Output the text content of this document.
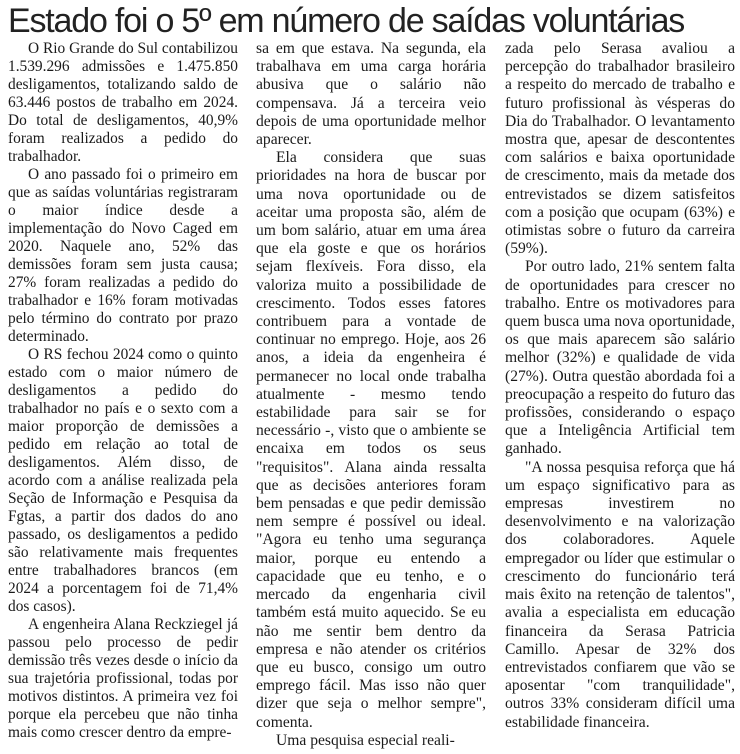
Estado foi o 5º em número de saídas voluntárias

O Rio Grande do Sul contabilizou 1.539.296 admissões e 1.475.850 desligamentos, totalizando saldo de 63.446 postos de trabalho em 2024. Do total de desligamentos, 40,9% foram realizados a pedido do trabalhador.

O ano passado foi o primeiro em que as saídas voluntárias registraram o maior índice desde a implementação do Novo Caged em 2020. Naquele ano, 52% das demissões foram sem justa causa; 27% foram realizadas a pedido do trabalhador e 16% foram motivadas pelo término do contrato por prazo determinado.

O RS fechou 2024 como o quinto estado com o maior número de desligamentos a pedido do trabalhador no país e o sexto com a maior proporção de demissões a pedido em relação ao total de desligamentos. Além disso, de acordo com a análise realizada pela Seção de Informação e Pesquisa da Fgtas, a partir dos dados do ano passado, os desligamentos a pedido são relativamente mais frequentes entre trabalhadores brancos (em 2024 a porcentagem foi de 71,4% dos casos).

A engenheira Alana Reckziegel já passou pelo processo de pedir demissão três vezes desde o início da sua trajetória profissional, todas por motivos distintos. A primeira vez foi porque ela percebeu que não tinha mais como crescer dentro da empre-

sa em que estava. Na segunda, ela trabalhava em uma carga horária abusiva que o salário não compensava. Já a terceira veio depois de uma oportunidade melhor aparecer.

Ela considera que suas prioridades na hora de buscar por uma nova oportunidade ou de aceitar uma proposta são, além de um bom salário, atuar em uma área que ela goste e que os horários sejam flexíveis. Fora disso, ela valoriza muito a possibilidade de crescimento. Todos esses fatores contribuem para a vontade de continuar no emprego. Hoje, aos 26 anos, a ideia da engenheira é permanecer no local onde trabalha atualmente - mesmo tendo estabilidade para sair se for necessário -, visto que o ambiente se encaixa em todos os seus "requisitos". Alana ainda ressalta que as decisões anteriores foram bem pensadas e que pedir demissão nem sempre é possível ou ideal. "Agora eu tenho uma segurança maior, porque eu entendo a capacidade que eu tenho, e o mercado da engenharia civil também está muito aquecido. Se eu não me sentir bem dentro da empresa e não atender os critérios que eu busco, consigo um outro emprego fácil. Mas isso não quer dizer que seja o melhor sempre", comenta.

Uma pesquisa especial reali-

zada pelo Serasa avaliou a percepção do trabalhador brasileiro a respeito do mercado de trabalho e futuro profissional às vésperas do Dia do Trabalhador. O levantamento mostra que, apesar de descontentes com salários e baixa oportunidade de crescimento, mais da metade dos entrevistados se dizem satisfeitos com a posição que ocupam (63%) e otimistas sobre o futuro da carreira (59%).

Por outro lado, 21% sentem falta de oportunidades para crescer no trabalho. Entre os motivadores para quem busca uma nova oportunidade, os que mais aparecem são salário melhor (32%) e qualidade de vida (27%). Outra questão abordada foi a preocupação a respeito do futuro das profissões, considerando o espaço que a Inteligência Artificial tem ganhado.

"A nossa pesquisa reforça que há um espaço significativo para as empresas investirem no desenvolvimento e na valorização dos colaboradores. Aquele empregador ou líder que estimular o crescimento do funcionário terá mais êxito na retenção de talentos", avalia a especialista em educação financeira da Serasa Patricia Camillo. Apesar de 32% dos entrevistados confiarem que vão se aposentar "com tranquilidade", outros 33% consideram difícil uma estabilidade financeira.
